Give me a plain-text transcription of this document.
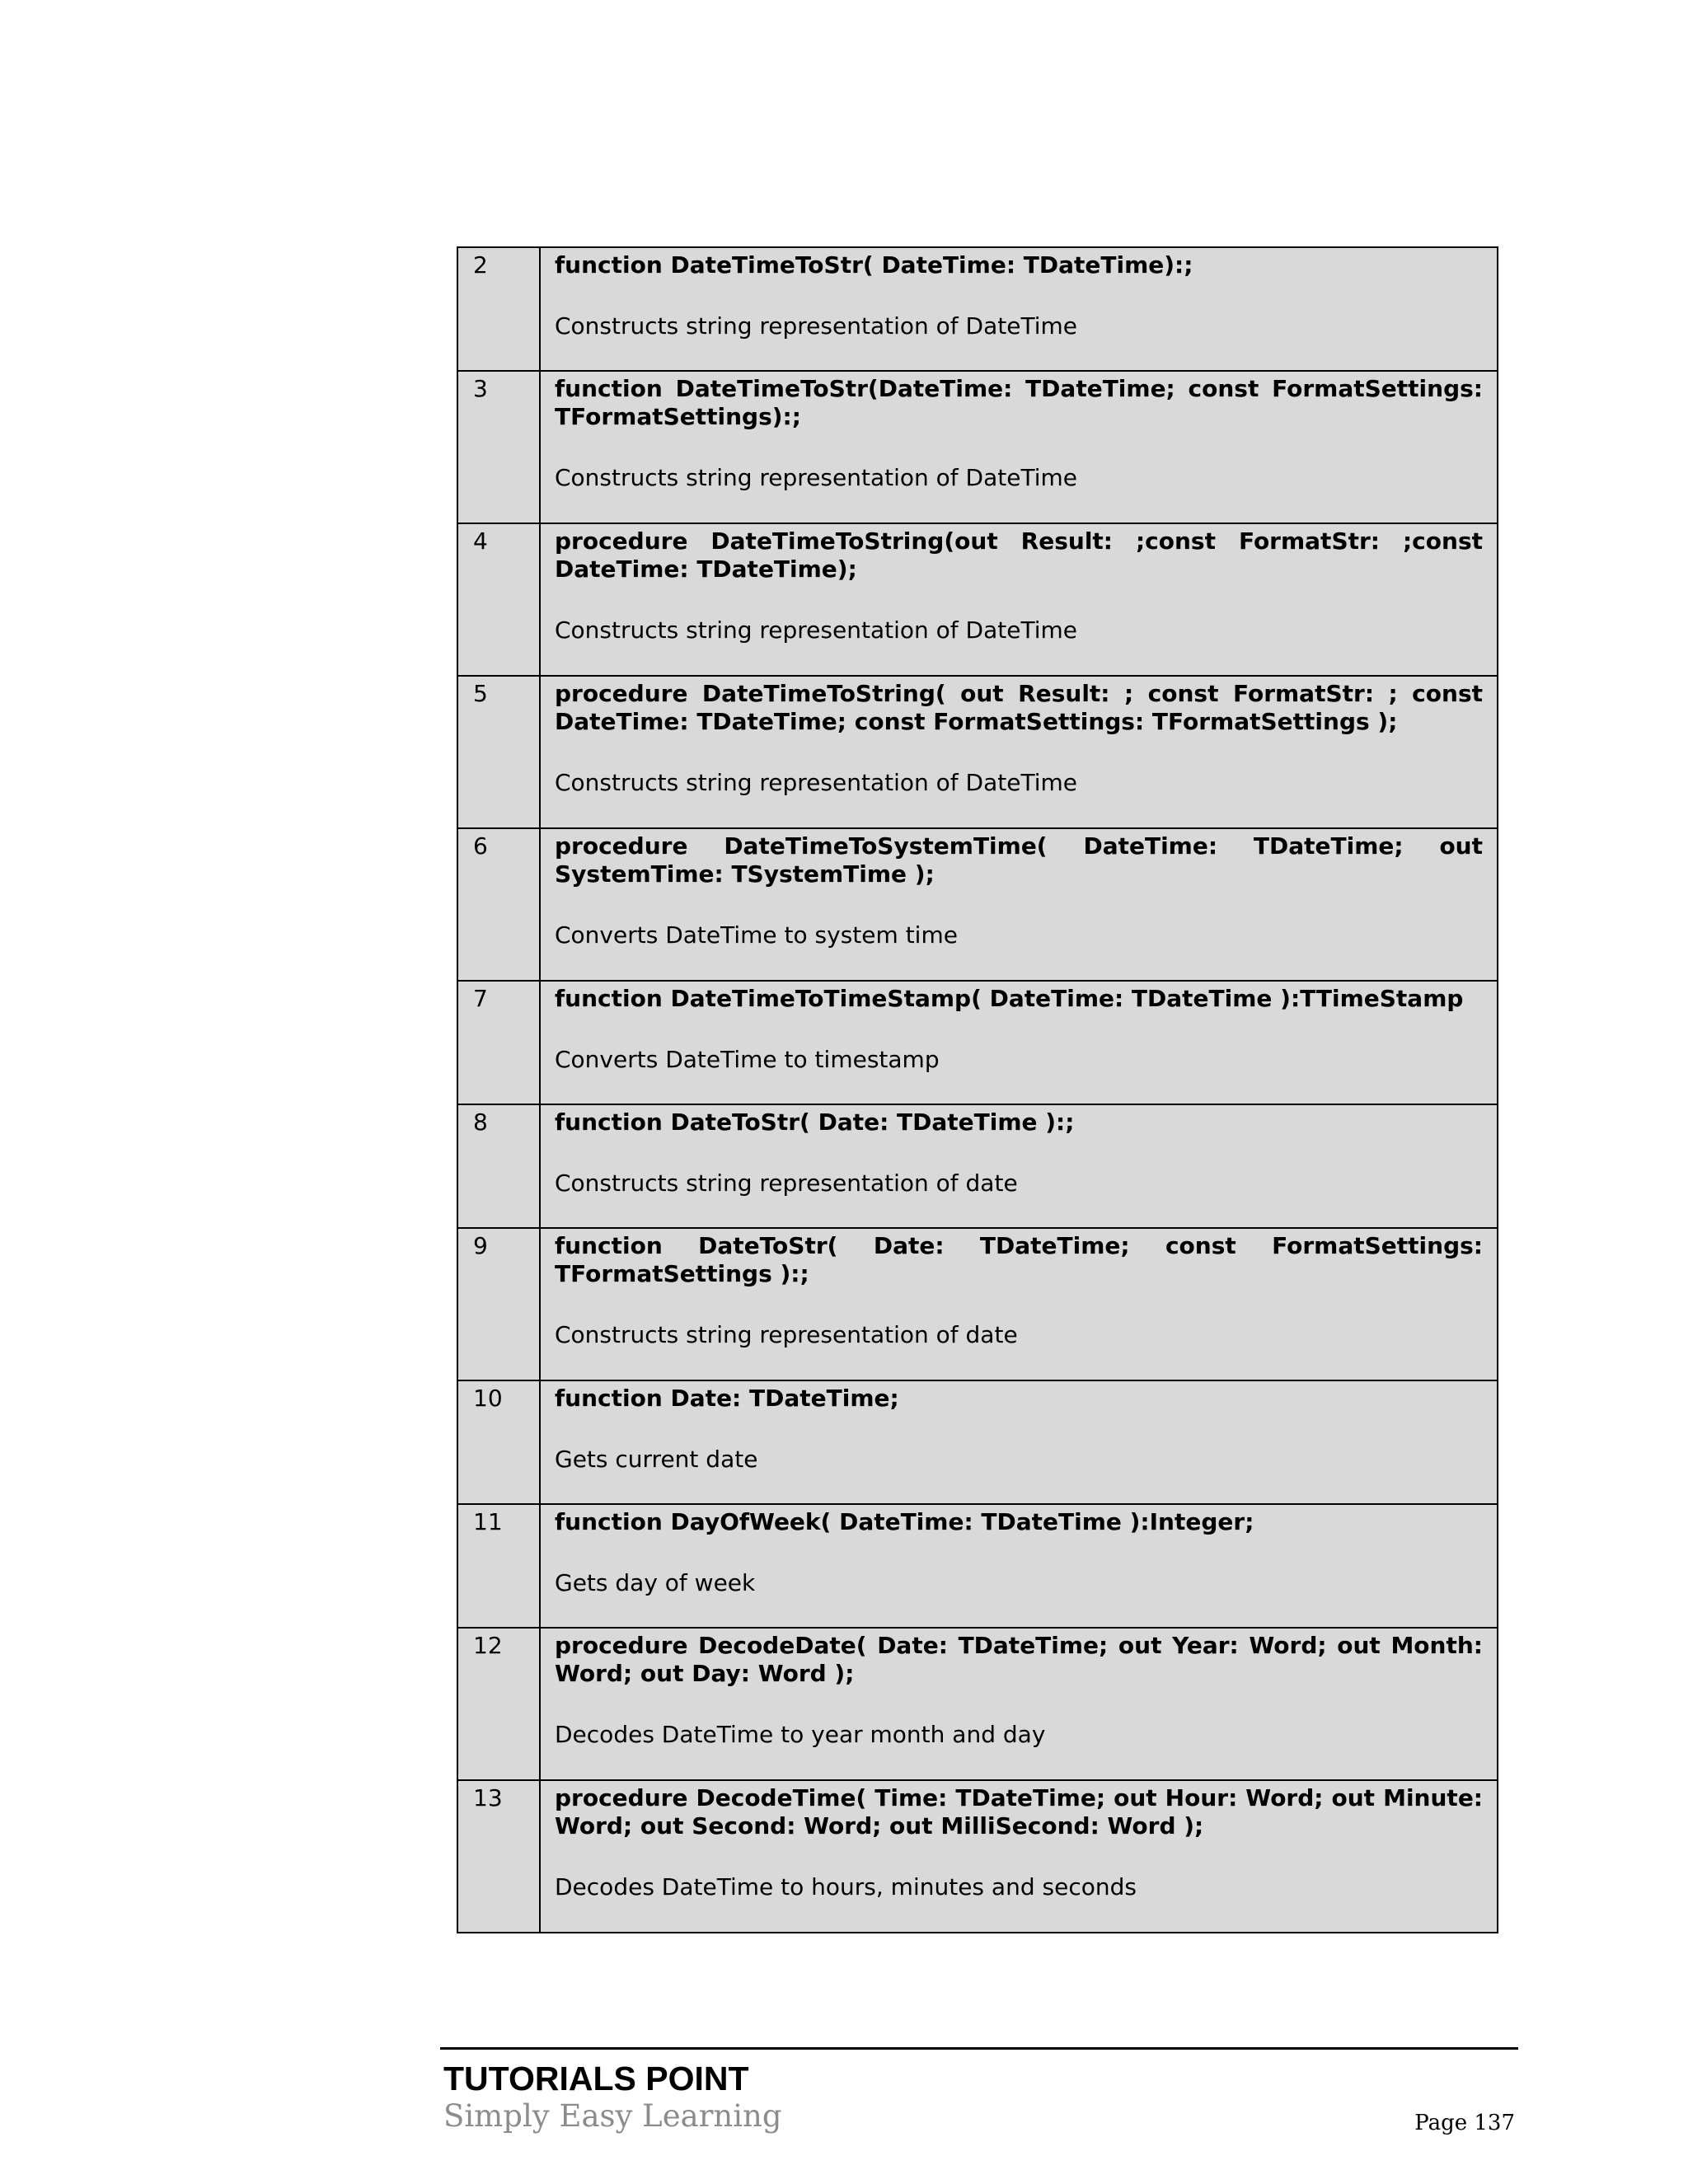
2	function DateTimeToStr( DateTime: TDateTime):;

Constructs string representation of DateTime

3	function DateTimeToStr(DateTime: TDateTime; const FormatSettings: TFormatSettings):;

Constructs string representation of DateTime

4	procedure DateTimeToString(out Result: ;const FormatStr: ;const DateTime: TDateTime);

Constructs string representation of DateTime

5	procedure DateTimeToString( out Result: ; const FormatStr: ; const DateTime: TDateTime; const FormatSettings: TFormatSettings );

Constructs string representation of DateTime

6	procedure DateTimeToSystemTime( DateTime: TDateTime; out SystemTime: TSystemTime );

Converts DateTime to system time

7	function DateTimeToTimeStamp( DateTime: TDateTime ):TTimeStamp

Converts DateTime to timestamp

8	function DateToStr( Date: TDateTime ):;

Constructs string representation of date

9	function DateToStr( Date: TDateTime; const FormatSettings: TFormatSettings ):;

Constructs string representation of date

10	function Date: TDateTime;

Gets current date

11	function DayOfWeek( DateTime: TDateTime ):Integer;

Gets day of week

12	procedure DecodeDate( Date: TDateTime; out Year: Word; out Month: Word; out Day: Word );

Decodes DateTime to year month and day

13	procedure DecodeTime( Time: TDateTime; out Hour: Word; out Minute: Word; out Second: Word; out MilliSecond: Word );

Decodes DateTime to hours, minutes and seconds

TUTORIALS POINT
Simply Easy Learning	Page 137
